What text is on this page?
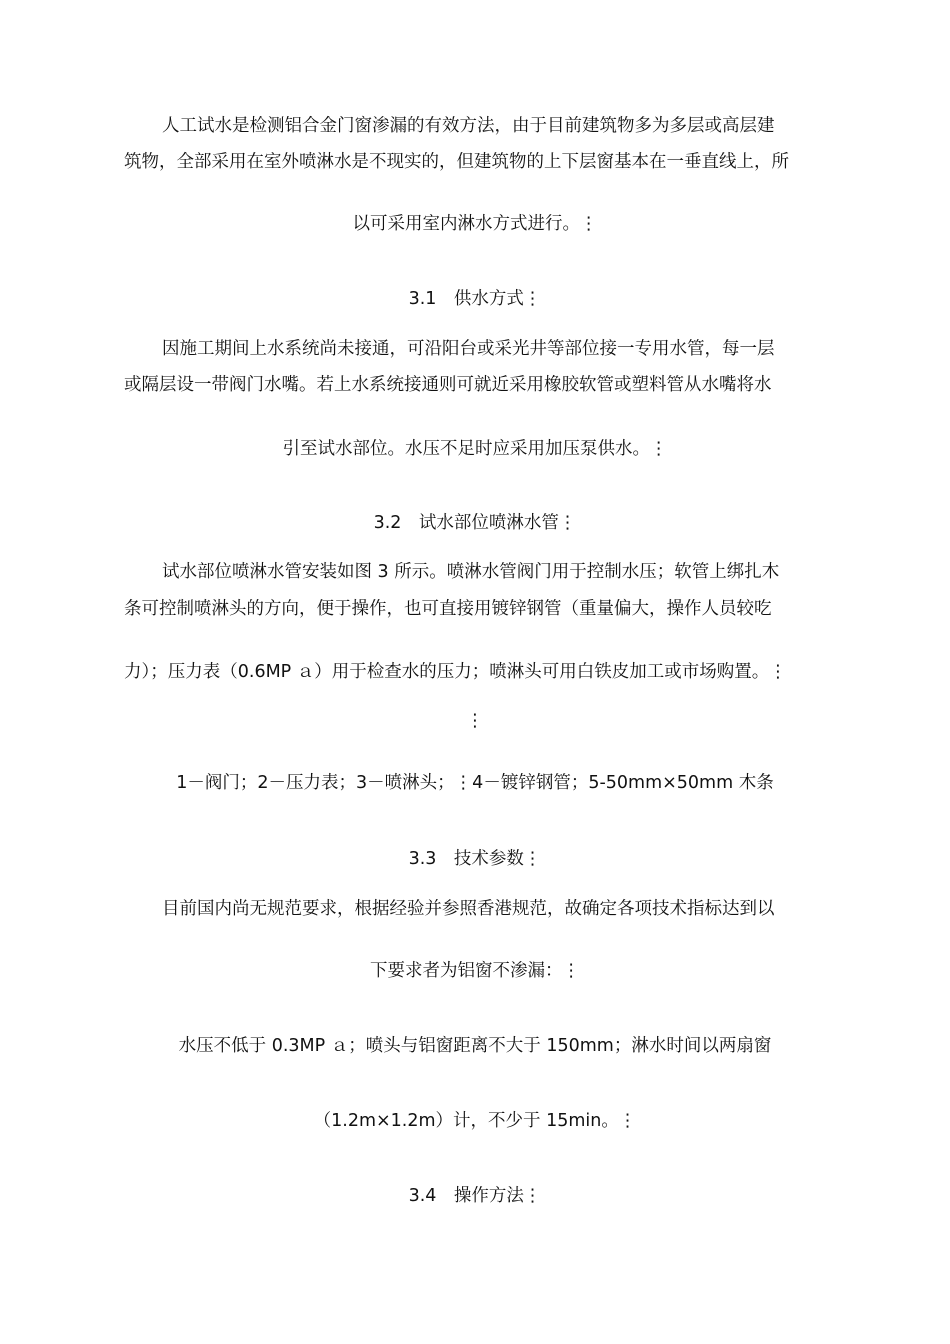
人工试水是检测铝合金门窗渗漏的有效方法，由于目前建筑物多为多层或高层建
筑物，全部采用在室外喷淋水是不现实的，但建筑物的上下层窗基本在一垂直线上，所
以可采用室内淋水方式进行。⋮
3.1　供水方式⋮
因施工期间上水系统尚未接通，可沿阳台或采光井等部位接一专用水管，每一层
或隔层设一带阀门水嘴。若上水系统接通则可就近采用橡胶软管或塑料管从水嘴将水
引至试水部位。水压不足时应采用加压泵供水。⋮
3.2　试水部位喷淋水管⋮
试水部位喷淋水管安装如图 3 所示。喷淋水管阀门用于控制水压；软管上绑扎木
条可控制喷淋头的方向，便于操作，也可直接用镀锌钢管（重量偏大，操作人员较吃
力）；压力表（0.6MP ａ）用于检查水的压力；喷淋头可用白铁皮加工或市场购置。⋮
⋮
1－阀门；2－压力表；3－喷淋头；⋮4－镀锌钢管；5-50mm×50mm 木条
3.3　技术参数⋮
目前国内尚无规范要求，根据经验并参照香港规范，故确定各项技术指标达到以
下要求者为铝窗不渗漏：⋮
水压不低于 0.3MP ａ；喷头与铝窗距离不大于 150mm；淋水时间以两扇窗
（1.2m×1.2m）计，不少于 15min。⋮
3.4　操作方法⋮
